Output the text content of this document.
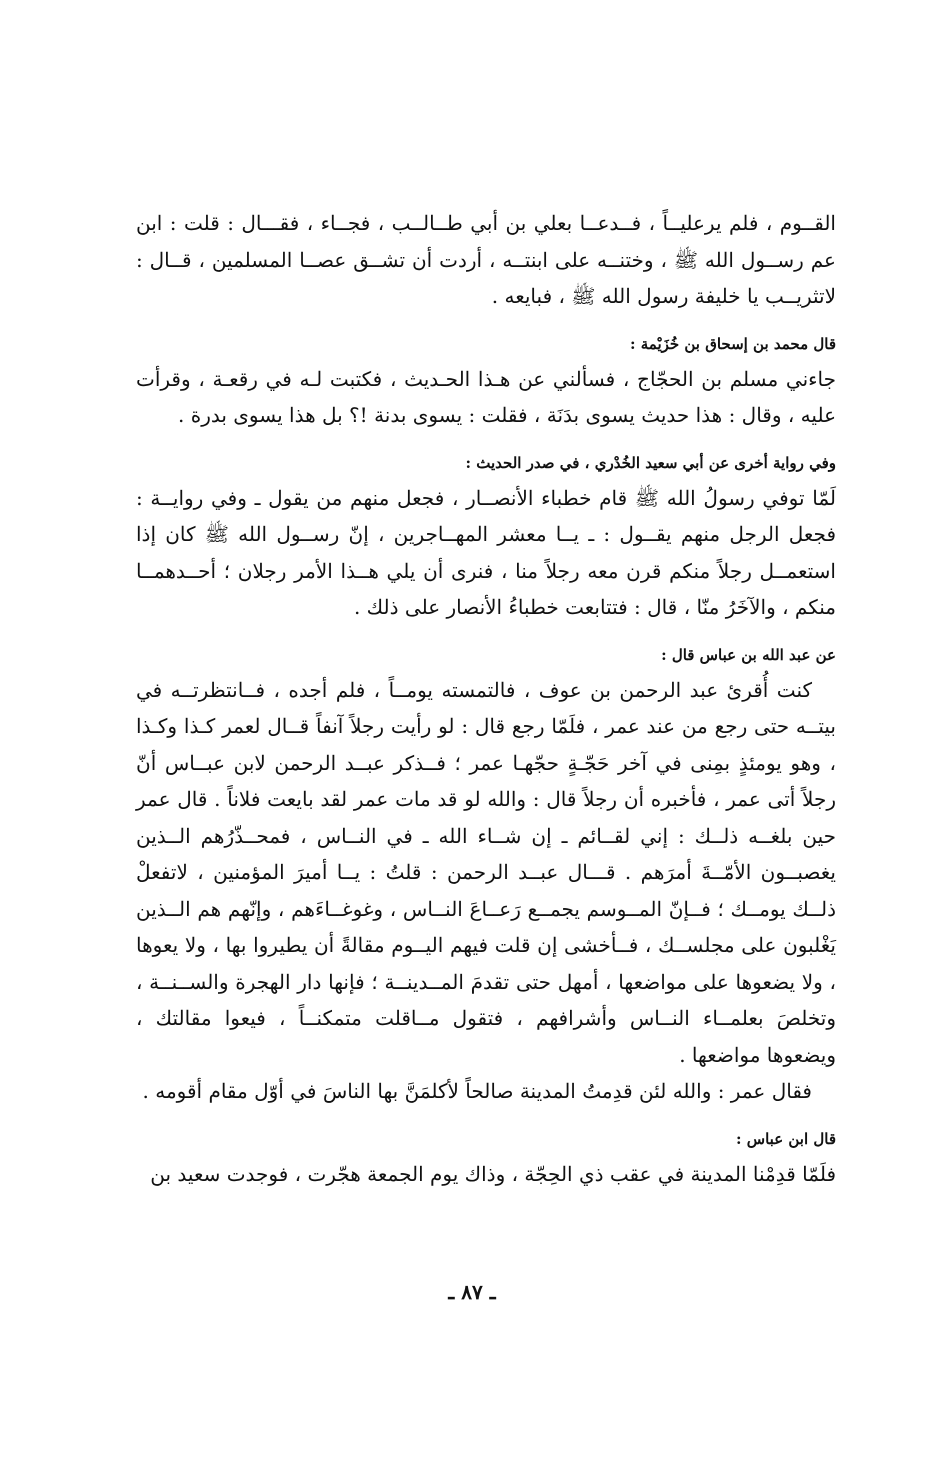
القــوم ، فلم يرعليــاً ، فــدعــا بعلي بن أبي طــالــب ، فجــاء ، فقـــال : قلت : ابن عم رســول الله ﷺ ، وختنــه على ابنتــه ، أردت أن تشــق عصــا المسلمين ، قــال : لاتثريــب يا خليفة رسول الله ﷺ ، فبايعه .

قال محمد بن إسحاق بن خُزَيْمة :

جاءني مسلم بن الحجّاج ، فسألني عن هـذا الحـديث ، فكتبت لـه في رقعـة ، وقرأت عليه ، وقال : هذا حديث يسوى بدَنَة ، فقلت : يسوى بدنة !؟ بل هذا يسوى بدرة .

وفي رواية أخرى عن أبي سعيد الخُدْري ، في صدر الحديث :

لَمّا توفي رسولُ الله ﷺ قام خطباء الأنصــار ، فجعل منهم من يقول ـ وفي روايــة : فجعل الرجل منهم يقــول : ـ يــا معشر المهــاجرين ، إنّ رســول الله ﷺ كان إذا استعمــل رجلاً منكم قرن معه رجلاً منا ، فنرى أن يلي هــذا الأمر رجلان ؛ أحــدهمــا منكم ، والآخَرُ منّا ، قال : فتتابعت خطباءُ الأنصار على ذلك .

عن عبد الله بن عباس قال :

كنت أُقرئ عبد الرحمن بن عوف ، فالتمسته يومــاً ، فلم أجده ، فــانتظرتــه في بيتــه حتى رجع من عند عمر ، فلَمّا رجع قال : لو رأيت رجلاً آنفاً قــال لعمر كـذا وكـذا ، وهو يومئذٍ بمِنى في آخر حَجّـةٍ حجّهـا عمر ؛ فــذكر عبــد الرحمن لابن عبــاس أنّ رجلاً أتى عمر ، فأخبره أن رجلاً قال : والله لو قد مات عمر لقد بايعت فلاناً . قال عمر حين بلغــه ذلــك : إني لقــائم ـ إن شــاء الله ـ في النــاس ، فمحــذّرُهم الــذين يغصبــون الأمّــةَ أمرَهم . قـــال عبــد الرحمن : قلتُ : يــا أميرَ المؤمنين ، لاتفعلْ ذلــك يومــك ؛ فــإنّ المــوسم يجمــع رَعــاعَ النــاس ، وغوغــاءَهم ، وإنّهم هم الــذين يَغْلبون على مجلســك ، فــأخشى إن قلت فيهم اليــوم مقالةً أن يطيروا بها ، ولا يعوها ، ولا يضعوها على مواضعها ، أمهل حتى تقدمَ المــدينــة ؛ فإنها دار الهجرة والســنــة ، وتخلصَ بعلمــاء النــاس وأشرافهم ، فتقول مــاقلت متمكنــاً ، فيعوا مقالتك ، ويضعوها مواضعها .

فقال عمر : والله لئن قدِمتُ المدينة صالحاً لأكلمَنَّ بها الناسَ في أوّل مقام أقومه .

قال ابن عباس :

فلَمّا قدِمْنا المدينة في عقب ذي الحِجّة ، وذاك يوم الجمعة هجّرت ، فوجدت سعيد بن

ـ ٨٧ ـ
